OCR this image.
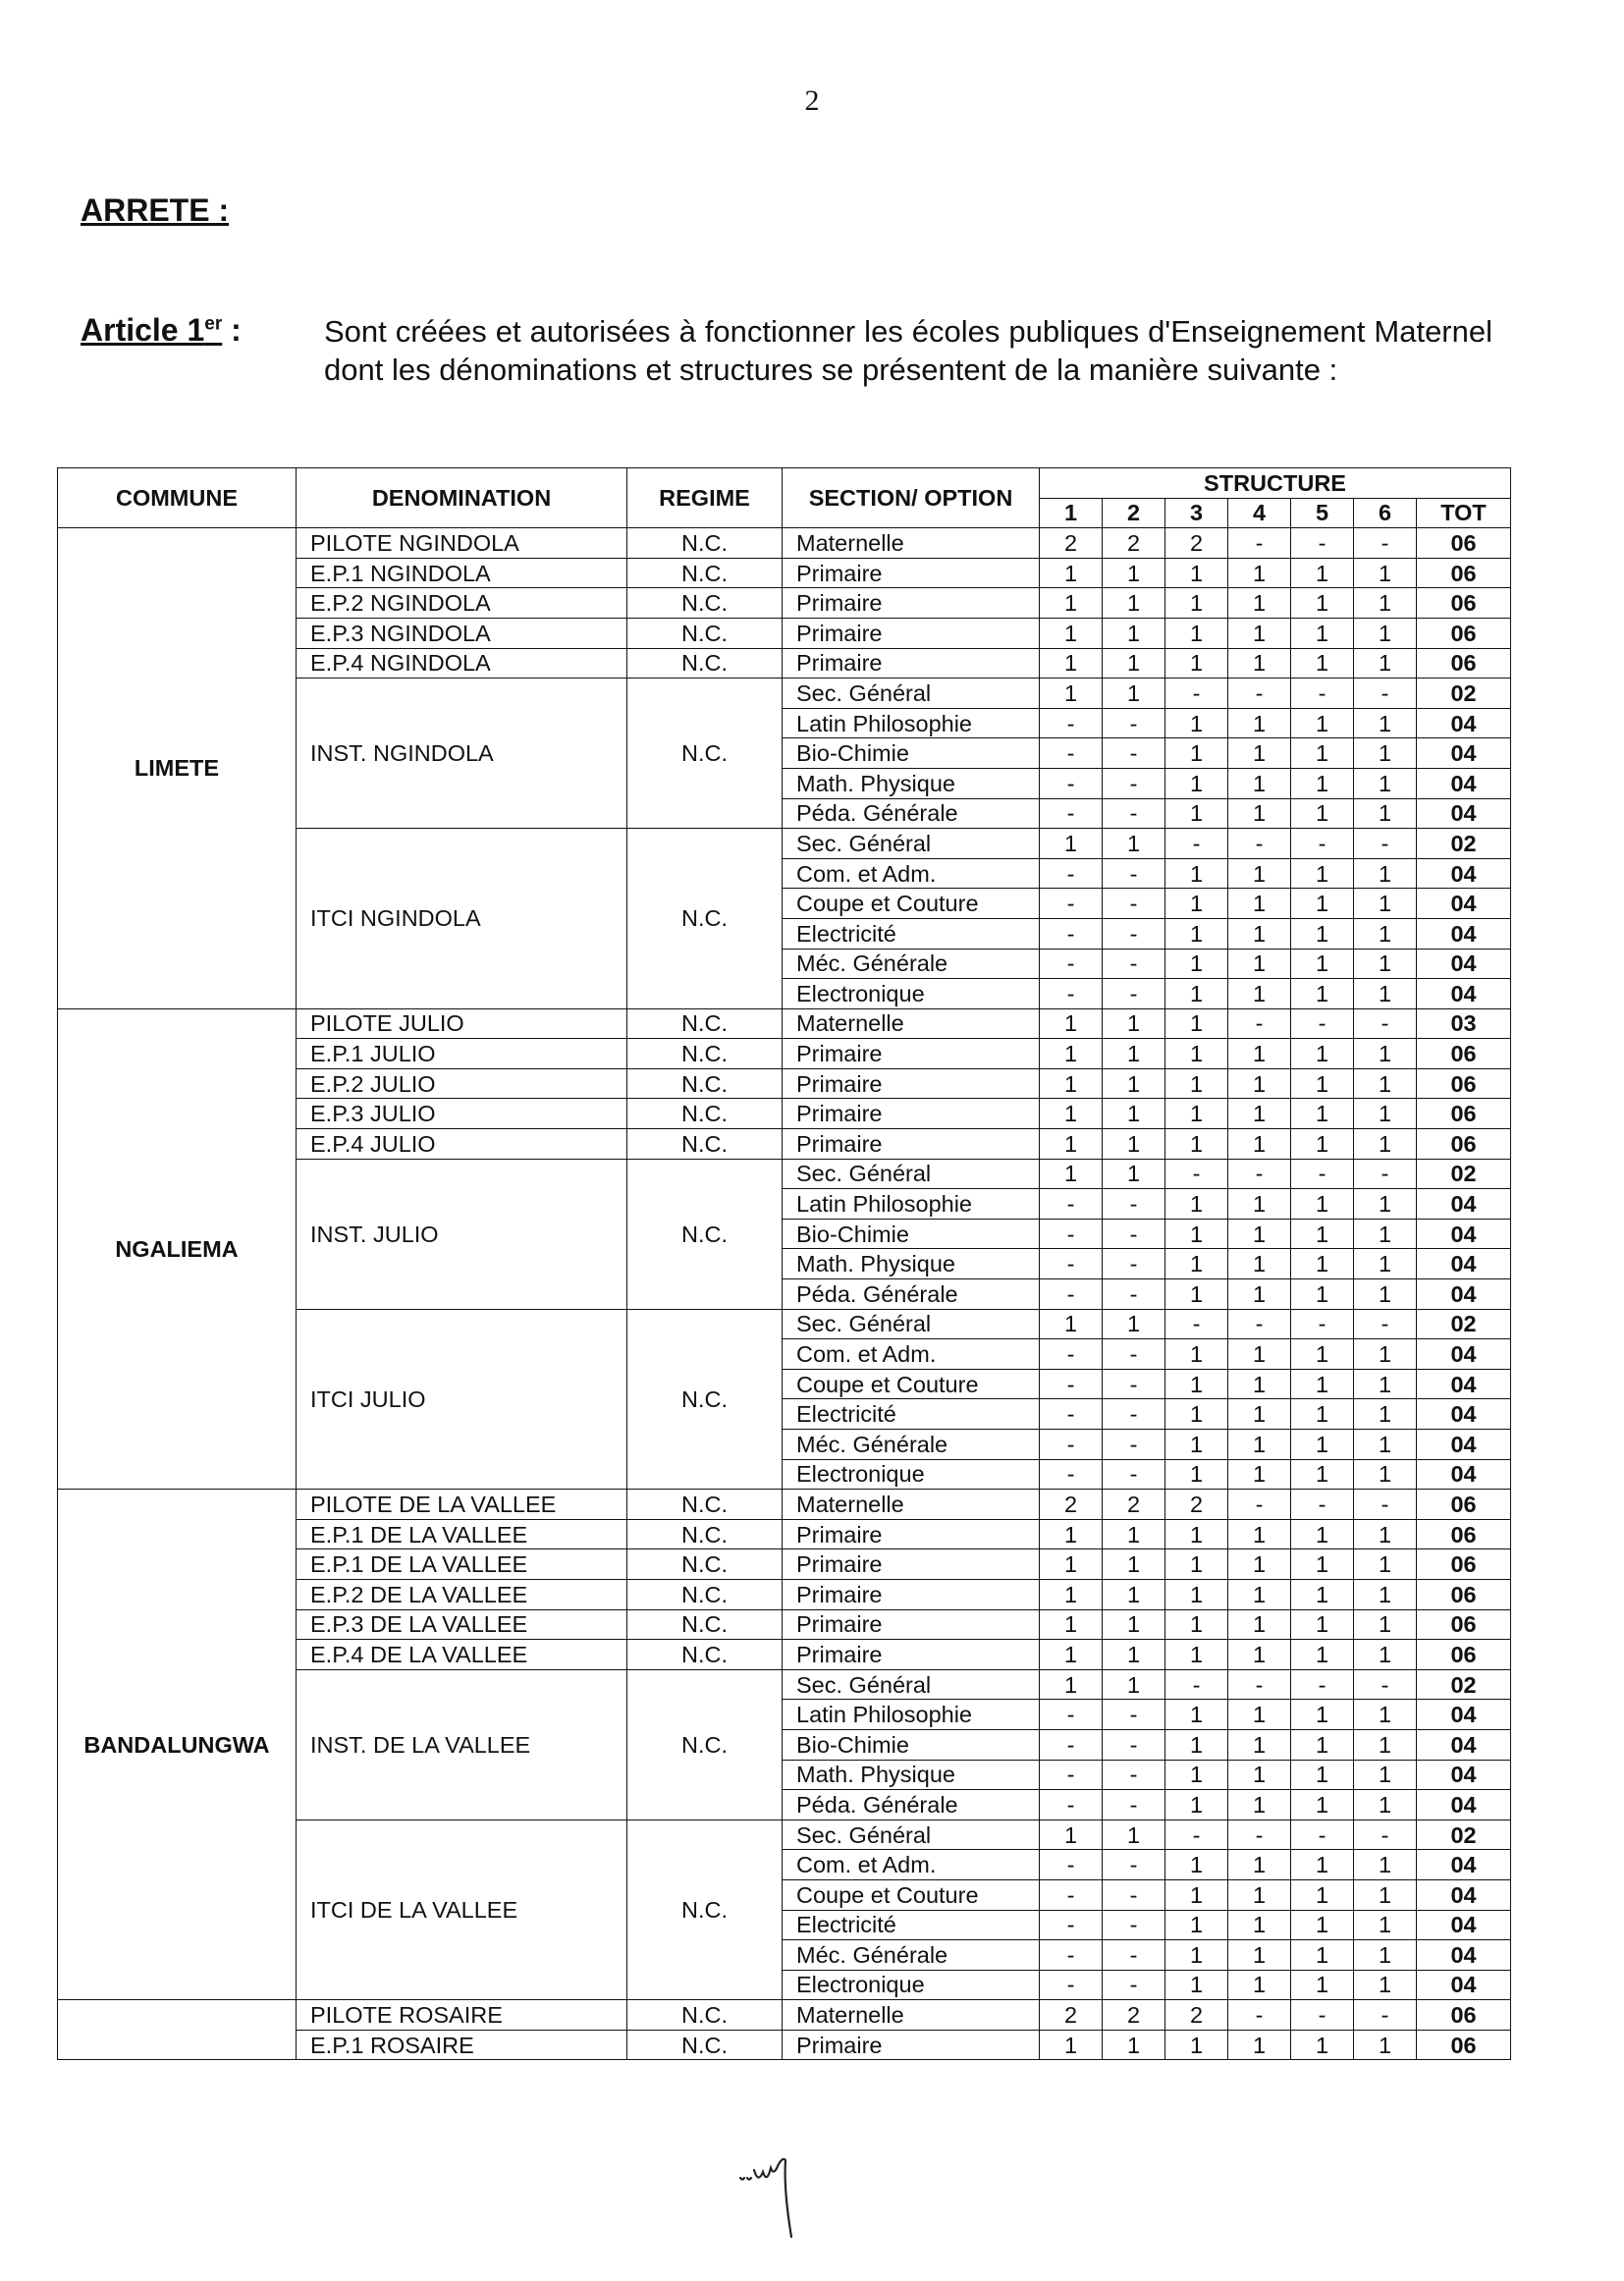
2
ARRETE :
Article 1er :	Sont créées et autorisées à fonctionner les écoles publiques d'Enseignement Maternel dont les dénominations et structures se présentent de la manière suivante :
COMMUNE	DENOMINATION	REGIME	SECTION/ OPTION	STRUCTURE						
				1	2	3	4	5	6	TOT
LIMETE	PILOTE NGINDOLA	N.C.	Maternelle	2	2	2	-	-	-	06
	E.P.1 NGINDOLA	N.C.	Primaire	1	1	1	1	1	1	06
	E.P.2 NGINDOLA	N.C.	Primaire	1	1	1	1	1	1	06
	E.P.3 NGINDOLA	N.C.	Primaire	1	1	1	1	1	1	06
	E.P.4 NGINDOLA	N.C.	Primaire	1	1	1	1	1	1	06
	INST. NGINDOLA	N.C.	Sec. Général	1	1	-	-	-	-	02
			Latin Philosophie	-	-	1	1	1	1	04
			Bio-Chimie	-	-	1	1	1	1	04
			Math. Physique	-	-	1	1	1	1	04
			Péda. Générale	-	-	1	1	1	1	04
	ITCI NGINDOLA	N.C.	Sec. Général	1	1	-	-	-	-	02
			Com. et Adm.	-	-	1	1	1	1	04
			Coupe et Couture	-	-	1	1	1	1	04
			Electricité	-	-	1	1	1	1	04
			Méc. Générale	-	-	1	1	1	1	04
			Electronique	-	-	1	1	1	1	04
NGALIEMA	PILOTE JULIO	N.C.	Maternelle	1	1	1	-	-	-	03
	E.P.1 JULIO	N.C.	Primaire	1	1	1	1	1	1	06
	E.P.2 JULIO	N.C.	Primaire	1	1	1	1	1	1	06
	E.P.3 JULIO	N.C.	Primaire	1	1	1	1	1	1	06
	E.P.4 JULIO	N.C.	Primaire	1	1	1	1	1	1	06
	INST. JULIO	N.C.	Sec. Général	1	1	-	-	-	-	02
			Latin Philosophie	-	-	1	1	1	1	04
			Bio-Chimie	-	-	1	1	1	1	04
			Math. Physique	-	-	1	1	1	1	04
			Péda. Générale	-	-	1	1	1	1	04
	ITCI JULIO	N.C.	Sec. Général	1	1	-	-	-	-	02
			Com. et Adm.	-	-	1	1	1	1	04
			Coupe et Couture	-	-	1	1	1	1	04
			Electricité	-	-	1	1	1	1	04
			Méc. Générale	-	-	1	1	1	1	04
			Electronique	-	-	1	1	1	1	04
BANDALUNGWA	PILOTE DE LA VALLEE	N.C.	Maternelle	2	2	2	-	-	-	06
	E.P.1 DE LA VALLEE	N.C.	Primaire	1	1	1	1	1	1	06
	E.P.1 DE LA VALLEE	N.C.	Primaire	1	1	1	1	1	1	06
	E.P.2 DE LA VALLEE	N.C.	Primaire	1	1	1	1	1	1	06
	E.P.3 DE LA VALLEE	N.C.	Primaire	1	1	1	1	1	1	06
	E.P.4 DE LA VALLEE	N.C.	Primaire	1	1	1	1	1	1	06
	INST. DE LA VALLEE	N.C.	Sec. Général	1	1	-	-	-	-	02
			Latin Philosophie	-	-	1	1	1	1	04
			Bio-Chimie	-	-	1	1	1	1	04
			Math. Physique	-	-	1	1	1	1	04
			Péda. Générale	-	-	1	1	1	1	04
	ITCI DE LA VALLEE	N.C.	Sec. Général	1	1	-	-	-	-	02
			Com. et Adm.	-	-	1	1	1	1	04
			Coupe et Couture	-	-	1	1	1	1	04
			Electricité	-	-	1	1	1	1	04
			Méc. Générale	-	-	1	1	1	1	04
			Electronique	-	-	1	1	1	1	04
	PILOTE ROSAIRE	N.C.	Maternelle	2	2	2	-	-	-	06
	E.P.1 ROSAIRE	N.C.	Primaire	1	1	1	1	1	1	06
